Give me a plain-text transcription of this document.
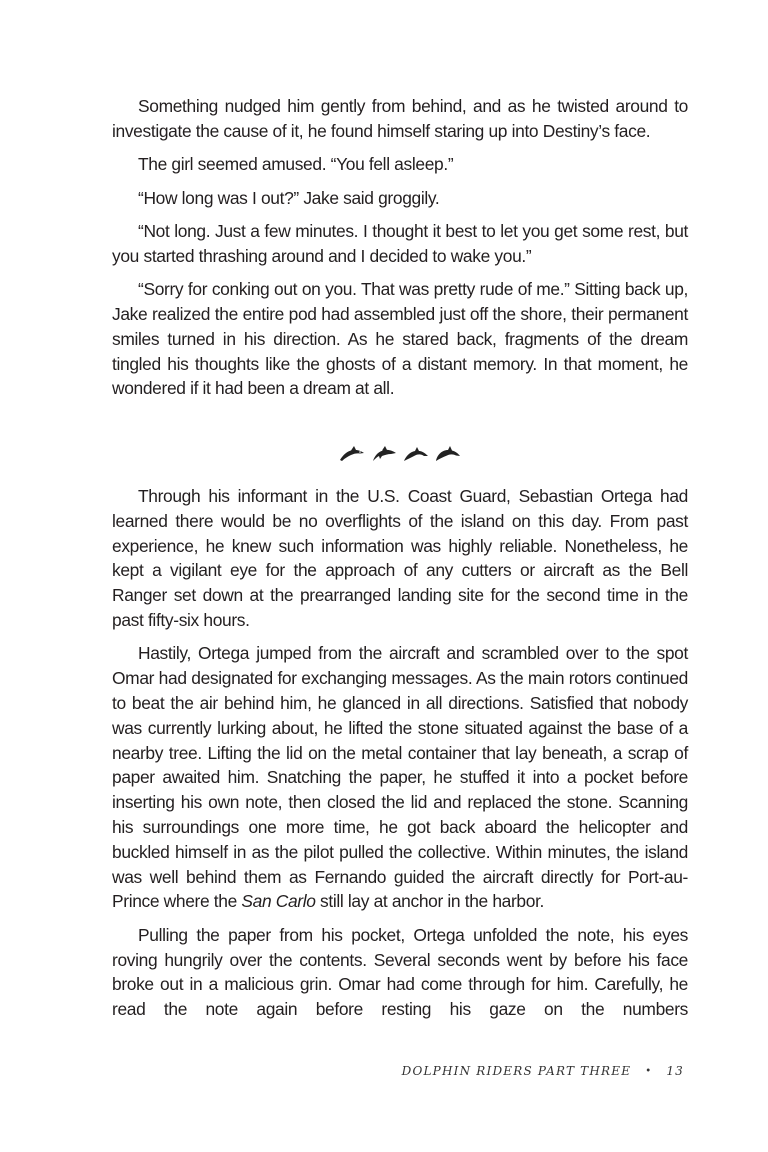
Something nudged him gently from behind, and as he twisted around to investigate the cause of it, he found himself staring up into Destiny’s face.

The girl seemed amused. “You fell asleep.”

“How long was I out?” Jake said groggily.

“Not long. Just a few minutes. I thought it best to let you get some rest, but you started thrashing around and I decided to wake you.”

“Sorry for conking out on you. That was pretty rude of me.” Sitting back up, Jake realized the entire pod had assembled just off the shore, their permanent smiles turned in his direction. As he stared back, fragments of the dream tingled his thoughts like the ghosts of a distant memory. In that moment, he wondered if it had been a dream at all.

Through his informant in the U.S. Coast Guard, Sebastian Ortega had learned there would be no overflights of the island on this day. From past experience, he knew such information was highly reliable. Nonetheless, he kept a vigilant eye for the approach of any cutters or aircraft as the Bell Ranger set down at the prearranged landing site for the second time in the past fifty-six hours.

Hastily, Ortega jumped from the aircraft and scrambled over to the spot Omar had designated for exchanging messages. As the main rotors continued to beat the air behind him, he glanced in all directions. Satisfied that nobody was currently lurking about, he lifted the stone situated against the base of a nearby tree. Lifting the lid on the metal container that lay beneath, a scrap of paper awaited him. Snatching the paper, he stuffed it into a pocket before inserting his own note, then closed the lid and replaced the stone. Scanning his surroundings one more time, he got back aboard the helicopter and buckled himself in as the pilot pulled the collective. Within minutes, the island was well behind them as Fernando guided the aircraft directly for Port-au-Prince where the San Carlo still lay at anchor in the harbor.

Pulling the paper from his pocket, Ortega unfolded the note, his eyes roving hungrily over the contents. Several seconds went by before his face broke out in a malicious grin. Omar had come through for him. Carefully, he read the note again before resting his gaze on the numbers

DOLPHIN RIDERS PART THREE • 13
